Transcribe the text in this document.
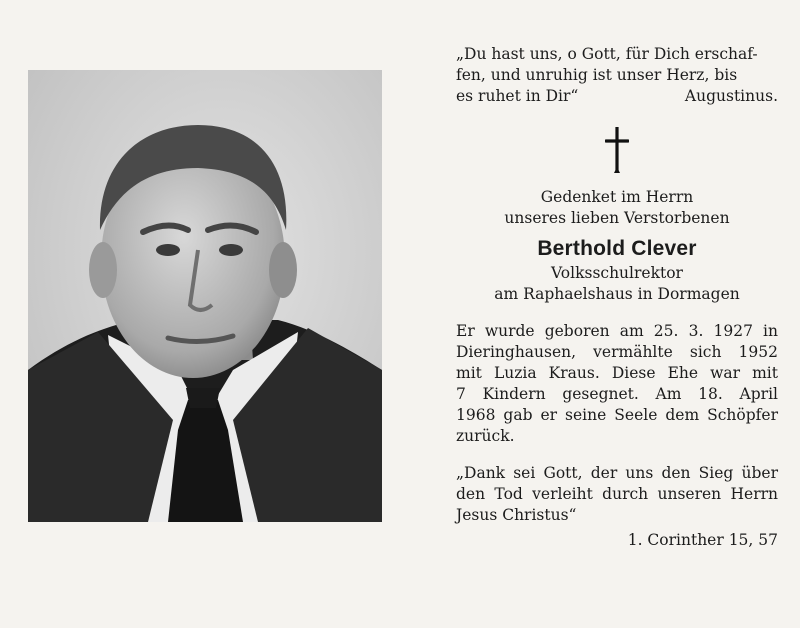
„Du hast uns, o Gott, für Dich erschaf-
fen, und unruhig ist unser Herz, bis
es ruhet in Dir“	Augustinus.
Gedenket im Herrn
unseres lieben Verstorbenen
Berthold Clever
Volksschulrektor
am Raphaelshaus in Dormagen
Er wurde geboren am 25. 3. 1927 in
Dieringhausen, vermählte sich 1952
mit Luzia Kraus. Diese Ehe war mit
7 Kindern gesegnet. Am 18. April
1968 gab er seine Seele dem Schöpfer
zurück.
„Dank sei Gott, der uns den Sieg über
den Tod verleiht durch unseren Herrn
Jesus Christus“
1. Corinther 15, 57
